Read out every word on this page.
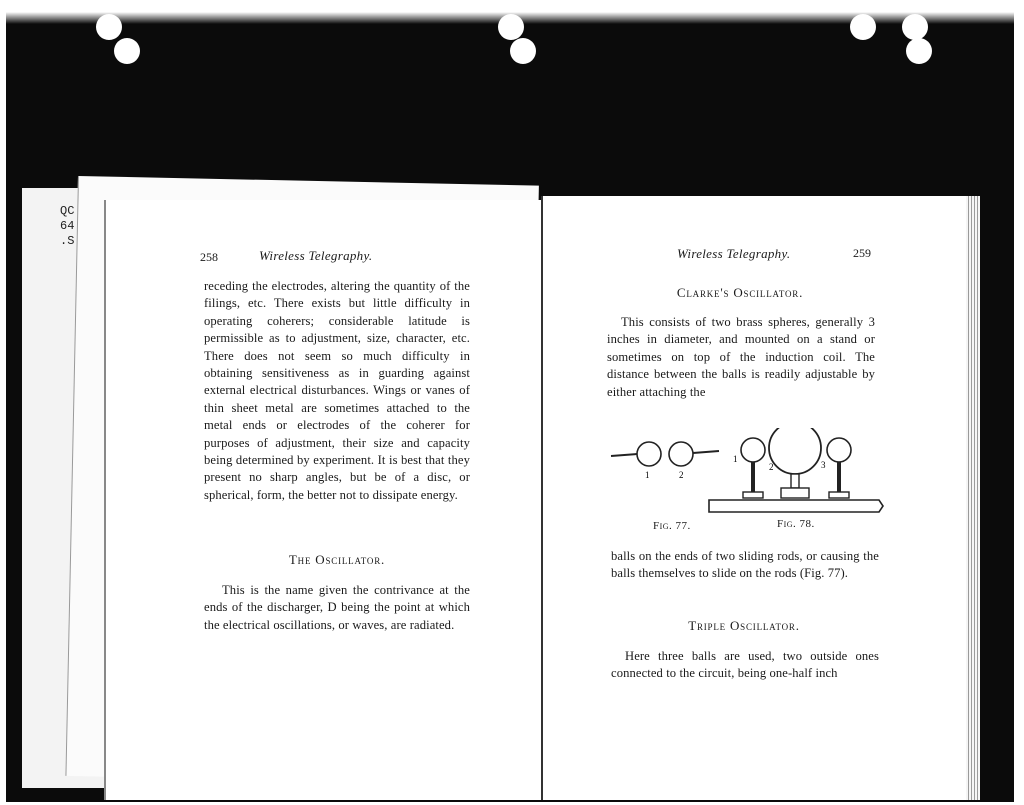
QC
64
.S
258	Wireless Telegraphy.
receding the electrodes, altering the quantity of the filings, etc. There exists but little difficulty in operating coherers; considerable latitude is permissible as to adjustment, size, character, etc. There does not seem so much difficulty in obtaining sensitiveness as in guarding against external electrical disturbances. Wings or vanes of thin sheet metal are sometimes attached to the metal ends or electrodes of the coherer for purposes of adjustment, their size and capacity being determined by experiment. It is best that they present no sharp angles, but be of a disc, or spherical, form, the better not to dissipate energy.
The Oscillator.
This is the name given the contrivance at the ends of the discharger, D being the point at which the electrical oscillations, or waves, are radiated.
Wireless Telegraphy.	259
Clarke's Oscillator.
This consists of two brass spheres, generally 3 inches in diameter, and mounted on a stand or sometimes on top of the induction coil. The distance between the balls is readily adjustable by either attaching the
1	2
1
2	3
Fig. 77.	Fig. 78.
balls on the ends of two sliding rods, or causing the balls themselves to slide on the rods (Fig. 77).
Triple Oscillator.
Here three balls are used, two outside ones connected to the circuit, being one-half inch
